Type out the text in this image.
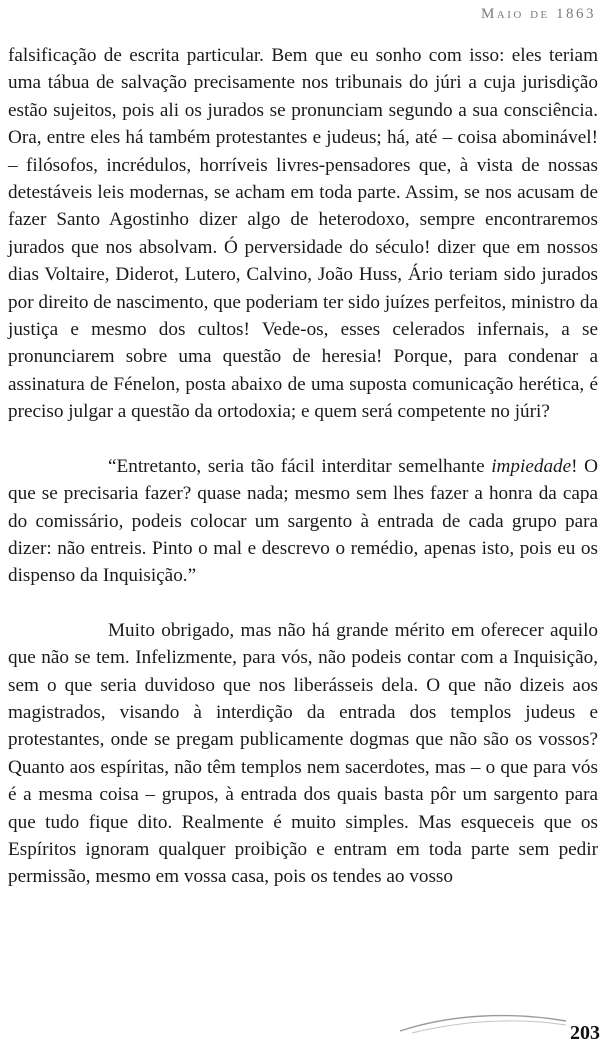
Maio de 1863

falsificação de escrita particular. Bem que eu sonho com isso: eles teriam uma tábua de salvação precisamente nos tribunais do júri a cuja jurisdição estão sujeitos, pois ali os jurados se pronunciam segundo a sua consciência. Ora, entre eles há também protestantes e judeus; há, até – coisa abominável! – filósofos, incrédulos, horríveis livres-pensadores que, à vista de nossas detestáveis leis modernas, se acham em toda parte. Assim, se nos acusam de fazer Santo Agostinho dizer algo de heterodoxo, sempre encontraremos jurados que nos absolvam. Ó perversidade do século! dizer que em nossos dias Voltaire, Diderot, Lutero, Calvino, João Huss, Ário teriam sido jurados por direito de nascimento, que poderiam ter sido juízes perfeitos, ministro da justiça e mesmo dos cultos! Vede-os, esses celerados infernais, a se pronunciarem sobre uma questão de heresia! Porque, para condenar a assinatura de Fénelon, posta abaixo de uma suposta comunicação herética, é preciso julgar a questão da ortodoxia; e quem será competente no júri?

“Entretanto, seria tão fácil interditar semelhante impiedade! O que se precisaria fazer? quase nada; mesmo sem lhes fazer a honra da capa do comissário, podeis colocar um sargento à entrada de cada grupo para dizer: não entreis. Pinto o mal e descrevo o remédio, apenas isto, pois eu os dispenso da Inquisição.”

Muito obrigado, mas não há grande mérito em oferecer aquilo que não se tem. Infelizmente, para vós, não podeis contar com a Inquisição, sem o que seria duvidoso que nos liberásseis dela. O que não dizeis aos magistrados, visando à interdição da entrada dos templos judeus e protestantes, onde se pregam publicamente dogmas que não são os vossos? Quanto aos espíritas, não têm templos nem sacerdotes, mas – o que para vós é a mesma coisa – grupos, à entrada dos quais basta pôr um sargento para que tudo fique dito. Realmente é muito simples. Mas esqueceis que os Espíritos ignoram qualquer proibição e entram em toda parte sem pedir permissão, mesmo em vossa casa, pois os tendes ao vosso

203
